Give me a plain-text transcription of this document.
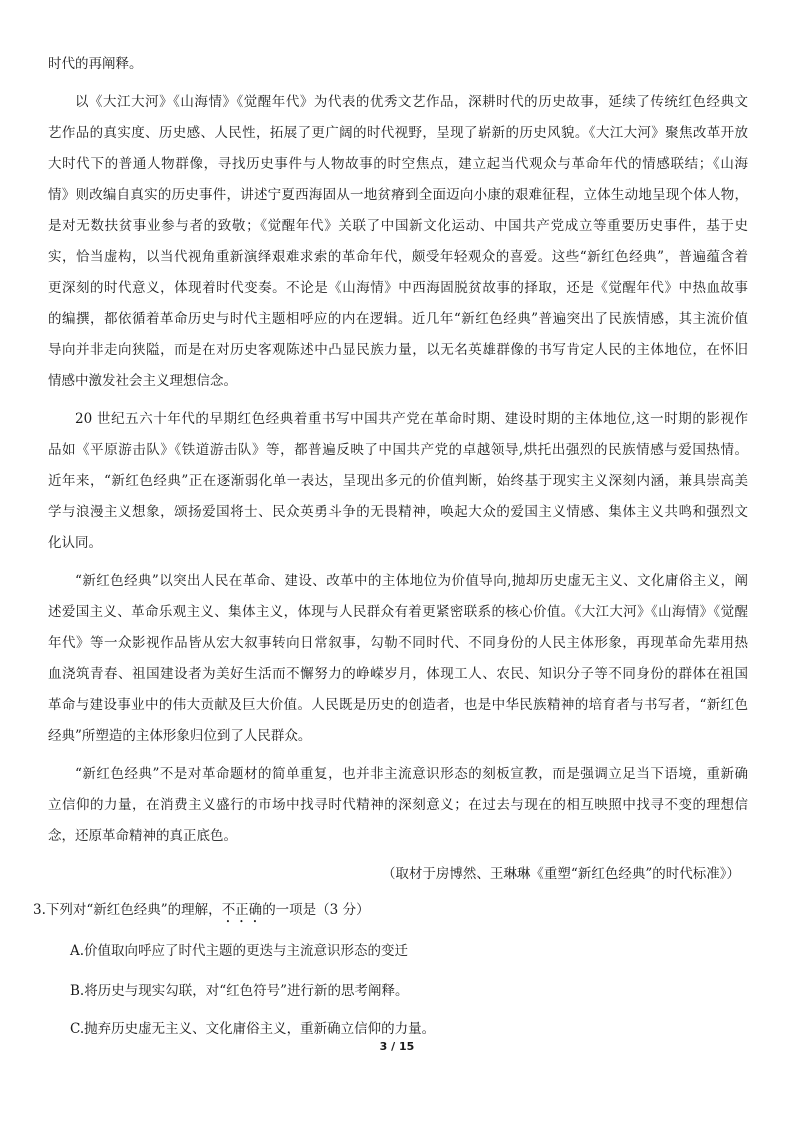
时代的再阐释。
以《大江大河》《山海情》《觉醒年代》为代表的优秀文艺作品，深耕时代的历史故事，延续了传统红色经典文
艺作品的真实度、历史感、人民性，拓展了更广阔的时代视野，呈现了崭新的历史风貌。《大江大河》聚焦改革开放
大时代下的普通人物群像，寻找历史事件与人物故事的时空焦点，建立起当代观众与革命年代的情感联结；《山海
情》则改编自真实的历史事件，讲述宁夏西海固从一地贫瘠到全面迈向小康的艰难征程，立体生动地呈现个体人物，
是对无数扶贫事业参与者的致敬；《觉醒年代》关联了中国新文化运动、中国共产党成立等重要历史事件，基于史
实，恰当虚构，以当代视角重新演绎艰难求索的革命年代，颇受年轻观众的喜爱。这些“新红色经典”，普遍蕴含着
更深刻的时代意义，体现着时代变奏。不论是《山海情》中西海固脱贫故事的择取，还是《觉醒年代》中热血故事
的编撰，都依循着革命历史与时代主题相呼应的内在逻辑。近几年“新红色经典”普遍突出了民族情感，其主流价值
导向并非走向狭隘，而是在对历史客观陈述中凸显民族力量，以无名英雄群像的书写肯定人民的主体地位，在怀旧
情感中激发社会主义理想信念。
20 世纪五六十年代的早期红色经典着重书写中国共产党在革命时期、建设时期的主体地位,这一时期的影视作
品如《平原游击队》《铁道游击队》等，都普遍反映了中国共产党的卓越领导,烘托出强烈的民族情感与爱国热情。
近年来，“新红色经典”正在逐渐弱化单一表达，呈现出多元的价值判断，始终基于现实主义深刻内涵，兼具崇高美
学与浪漫主义想象，颂扬爱国将士、民众英勇斗争的无畏精神，唤起大众的爱国主义情感、集体主义共鸣和强烈文
化认同。
“新红色经典”以突出人民在革命、建设、改革中的主体地位为价值导向,抛却历史虚无主义、文化庸俗主义，阐
述爱国主义、革命乐观主义、集体主义，体现与人民群众有着更紧密联系的核心价值。《大江大河》《山海情》《觉醒
年代》等一众影视作品皆从宏大叙事转向日常叙事，勾勒不同时代、不同身份的人民主体形象，再现革命先辈用热
血浇筑青春、祖国建设者为美好生活而不懈努力的峥嵘岁月，体现工人、农民、知识分子等不同身份的群体在祖国
革命与建设事业中的伟大贡献及巨大价值。人民既是历史的创造者，也是中华民族精神的培育者与书写者，“新红色
经典”所塑造的主体形象归位到了人民群众。
“新红色经典”不是对革命题材的简单重复，也并非主流意识形态的刻板宣教，而是强调立足当下语境，重新确
立信仰的力量，在消费主义盛行的市场中找寻时代精神的深刻意义；在过去与现在的相互映照中找寻不变的理想信
念，还原革命精神的真正底色。
（取材于房博然、王琳琳《重塑“新红色经典”的时代标准》）
3.下列对“新红色经典”的理解，不正确的一项是（3 分）
A.价值取向呼应了时代主题的更迭与主流意识形态的变迁
B.将历史与现实勾联，对“红色符号”进行新的思考阐释。
C.抛弃历史虚无主义、文化庸俗主义，重新确立信仰的力量。
3 / 15
